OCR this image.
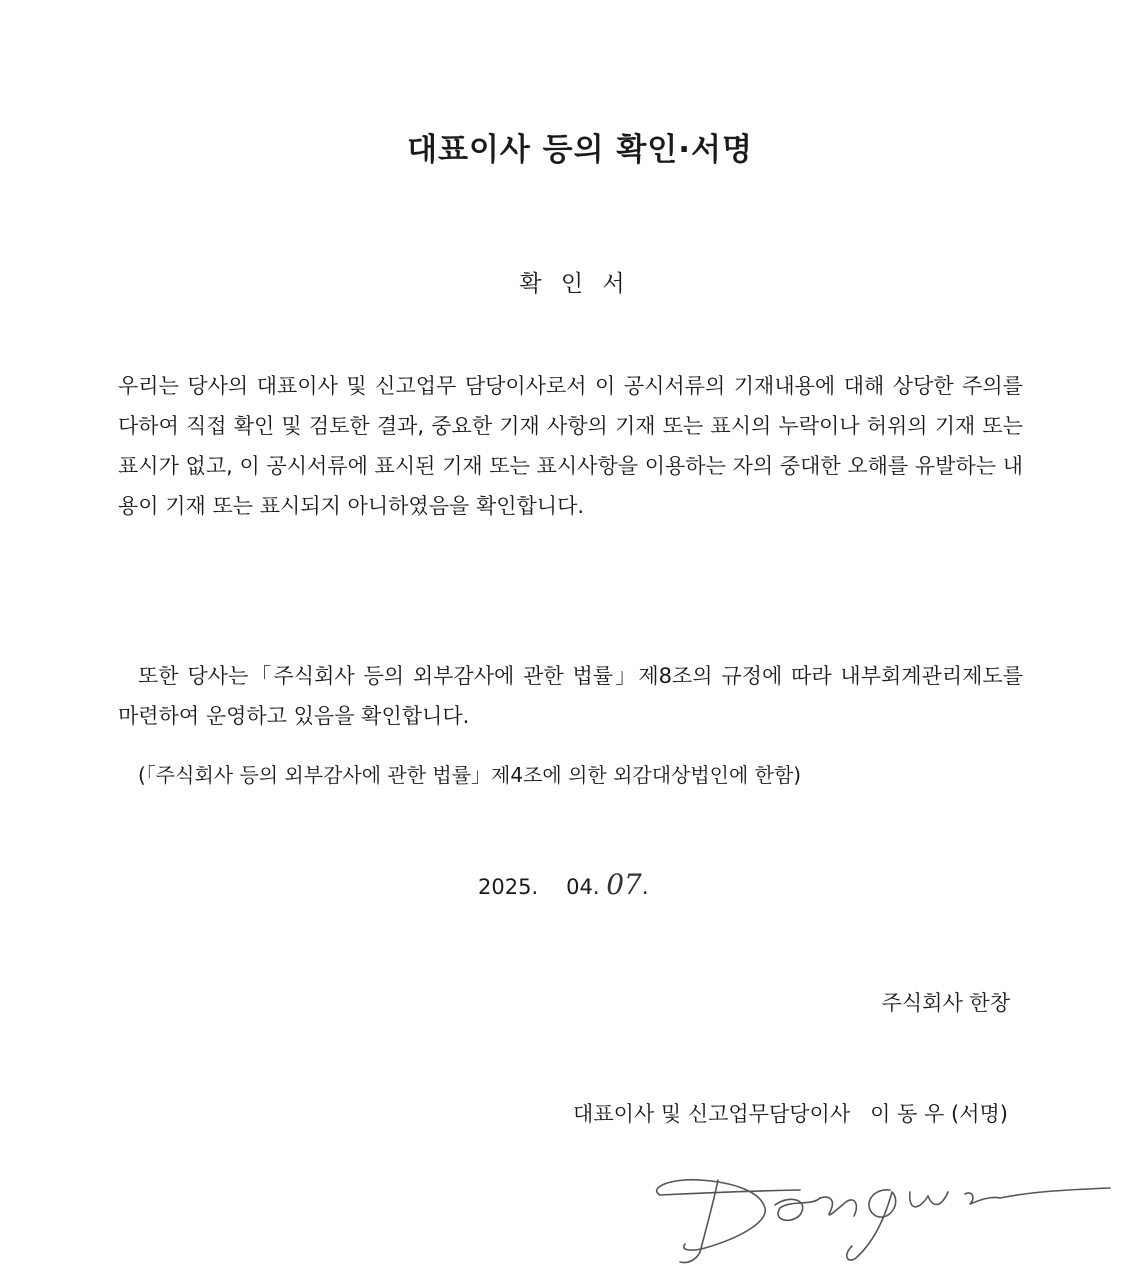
대표이사 등의 확인·서명
확 인 서

우리는 당사의 대표이사 및 신고업무 담당이사로서 이 공시서류의 기재내용에 대해 상당한 주의를 다하여 직접 확인 및 검토한 결과, 중요한 기재 사항의 기재 또는 표시의 누락이나 허위의 기재 또는 표시가 없고, 이 공시서류에 표시된 기재 또는 표시사항을 이용하는 자의 중대한 오해를 유발하는 내용이 기재 또는 표시되지 아니하였음을 확인합니다.

또한 당사는「주식회사 등의 외부감사에 관한 법률」제8조의 규정에 따라 내부회계관리제도를 마련하여 운영하고 있음을 확인합니다.

(「주식회사 등의 외부감사에 관한 법률」제4조에 의한 외감대상법인에 한함)

2025. 04. 07.
주식회사 한창
대표이사 및 신고업무담당이사 이 동 우 (서명)
